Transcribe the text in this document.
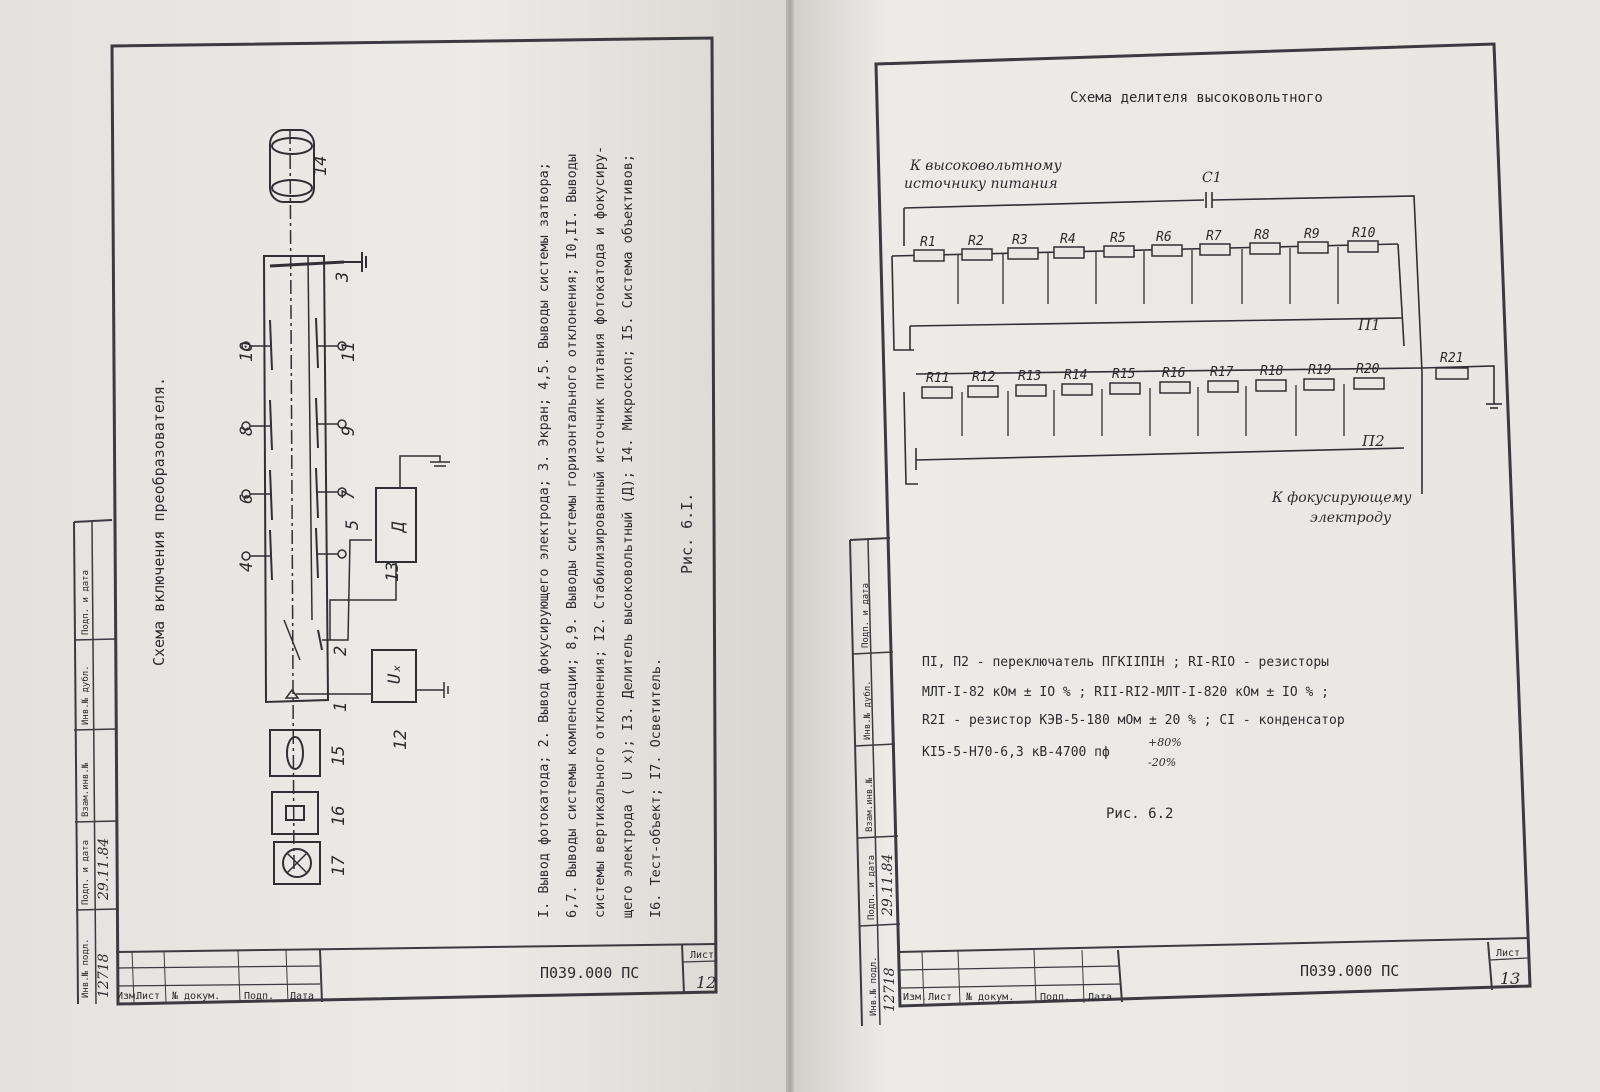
Инв.№ подл.
Подп. и дата
Взам.инв.№
Инв.№ дубл.
Подп. и дата
12718
29.11.84
Изм.
Лист № докум. Подп. Дата
П039.000 ПС
Лист
12
14
3
10	11
8	9
6	7
4
5
13
Д
2
1
Uₓ
12
15
16
17
Схема включения преобразователя.	I. Вывод фотокатода; 2. Вывод фокусирующего электрода; 3. Экран; 4,5. Выводы системы затвора; 6,7. Выводы системы компенсации; 8,9. Выводы системы горизонтального отклонения; I0,II. Выводы системы вертикального отклонения; I2. Стабилизированный источник питания фотокатода и фокусиру- щего электрода ( U x); I3. Делитель высоковольтный (Д); I4. Микроскоп; I5. Система объективов; I6. Тест-объект; I7. Осветитель.
Рис. 6.I.
Инв.№ подл.
Подп. и дата
Взам.инв.№
Инв.№ дубл.
Подп. и дата
12718
29.11.84
Изм. Лист № докум.	Подп. Дата
П039.000 ПС
Лист
13
Схема делителя высоковольтного
К высоковольтному
источнику питания	C1
R1 R2 R3 R4	R5 R6	R7 R8	R9 R10
R11 R12 R13 R14 R15 R16 R17 R18 R19 R20
R21
П1
П2
К фокусирующему
электроду
ПI, П2 - переключатель ПГКIIПIН ; RI-RIO - резисторы
МЛТ-I-82 кОм ± IO % ; RII-RI2-МЛТ-I-820 кОм ± IO % ;
R2I - резистор КЭВ-5-180 мОм ± 20 % ; CI - конденсатор
КI5-5-Н70-6,3 кВ-4700 пф
+80%
-20%
Рис. 6.2
